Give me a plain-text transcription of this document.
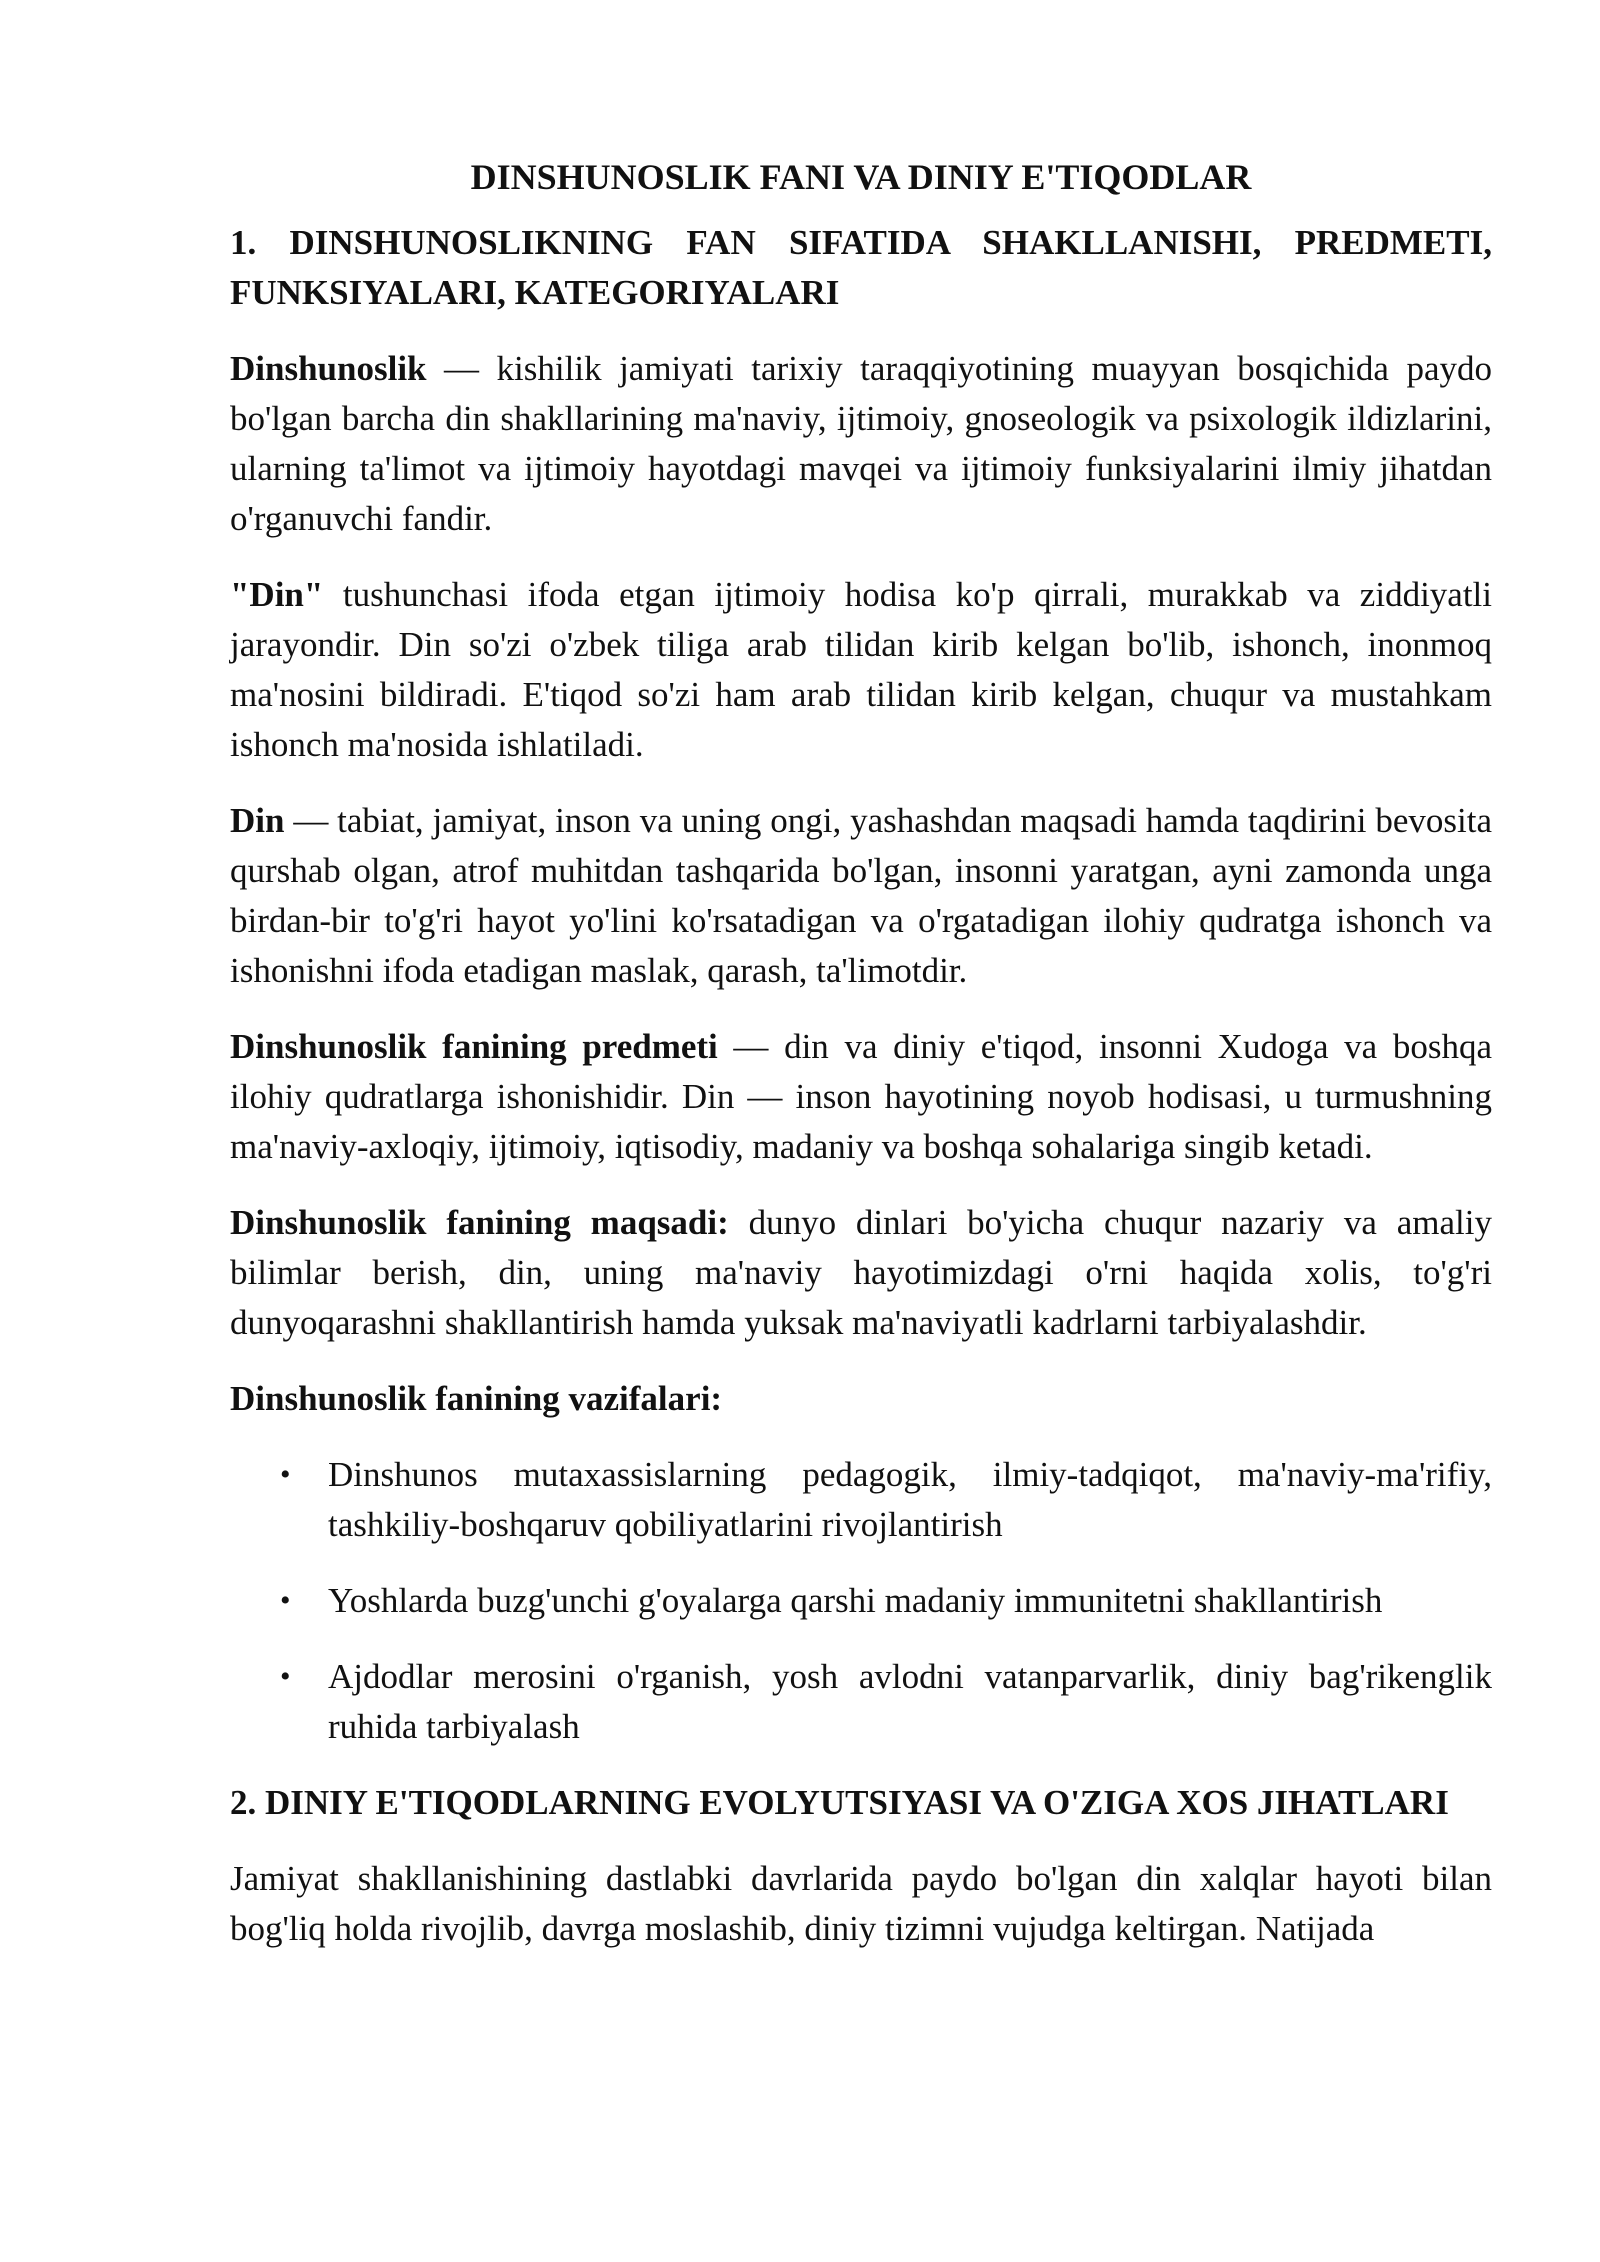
DINSHUNOSLIK FANI VA DINIY E'TIQODLAR
1. DINSHUNOSLIKNING FAN SIFATIDA SHAKLLANISHI, PREDMETI, FUNKSIYALARI, KATEGORIYALARI

Dinshunoslik — kishilik jamiyati tarixiy taraqqiyotining muayyan bosqichida paydo bo'lgan barcha din shakllarining ma'naviy, ijtimoiy, gnoseologik va psixologik ildizlarini, ularning ta'limot va ijtimoiy hayotdagi mavqei va ijtimoiy funksiyalarini ilmiy jihatdan o'rganuvchi fandir.

"Din" tushunchasi ifoda etgan ijtimoiy hodisa ko'p qirrali, murakkab va ziddiyatli jarayondir. Din so'zi o'zbek tiliga arab tilidan kirib kelgan bo'lib, ishonch, inonmoq ma'nosini bildiradi. E'tiqod so'zi ham arab tilidan kirib kelgan, chuqur va mustahkam ishonch ma'nosida ishlatiladi.

Din — tabiat, jamiyat, inson va uning ongi, yashashdan maqsadi hamda taqdirini bevosita qurshab olgan, atrof muhitdan tashqarida bo'lgan, insonni yaratgan, ayni zamonda unga birdan-bir to'g'ri hayot yo'lini ko'rsatadigan va o'rgatadigan ilohiy qudratga ishonch va ishonishni ifoda etadigan maslak, qarash, ta'limotdir.

Dinshunoslik fanining predmeti — din va diniy e'tiqod, insonni Xudoga va boshqa ilohiy qudratlarga ishonishidir. Din — inson hayotining noyob hodisasi, u turmushning ma'naviy-axloqiy, ijtimoiy, iqtisodiy, madaniy va boshqa sohalariga singib ketadi.

Dinshunoslik fanining maqsadi: dunyo dinlari bo'yicha chuqur nazariy va amaliy bilimlar berish, din, uning ma'naviy hayotimizdagi o'rni haqida xolis, to'g'ri dunyoqarashni shakllantirish hamda yuksak ma'naviyatli kadrlarni tarbiyalashdir.

Dinshunoslik fanining vazifalari:

• Dinshunos mutaxassislarning pedagogik, ilmiy-tadqiqot, ma'naviy-ma'rifiy, tashkiliy-boshqaruv qobiliyatlarini rivojlantirish
• Yoshlarda buzg'unchi g'oyalarga qarshi madaniy immunitetni shakllantirish
• Ajdodlar merosini o'rganish, yosh avlodni vatanparvarlik, diniy bag'rikenglik ruhida tarbiyalash
2. DINIY E'TIQODLARNING EVOLYUTSIYASI VA O'ZIGA XOS JIHATLARI

Jamiyat shakllanishining dastlabki davrlarida paydo bo'lgan din xalqlar hayoti bilan bog'liq holda rivojlib, davrga moslashib, diniy tizimni vujudga keltirgan. Natijada
